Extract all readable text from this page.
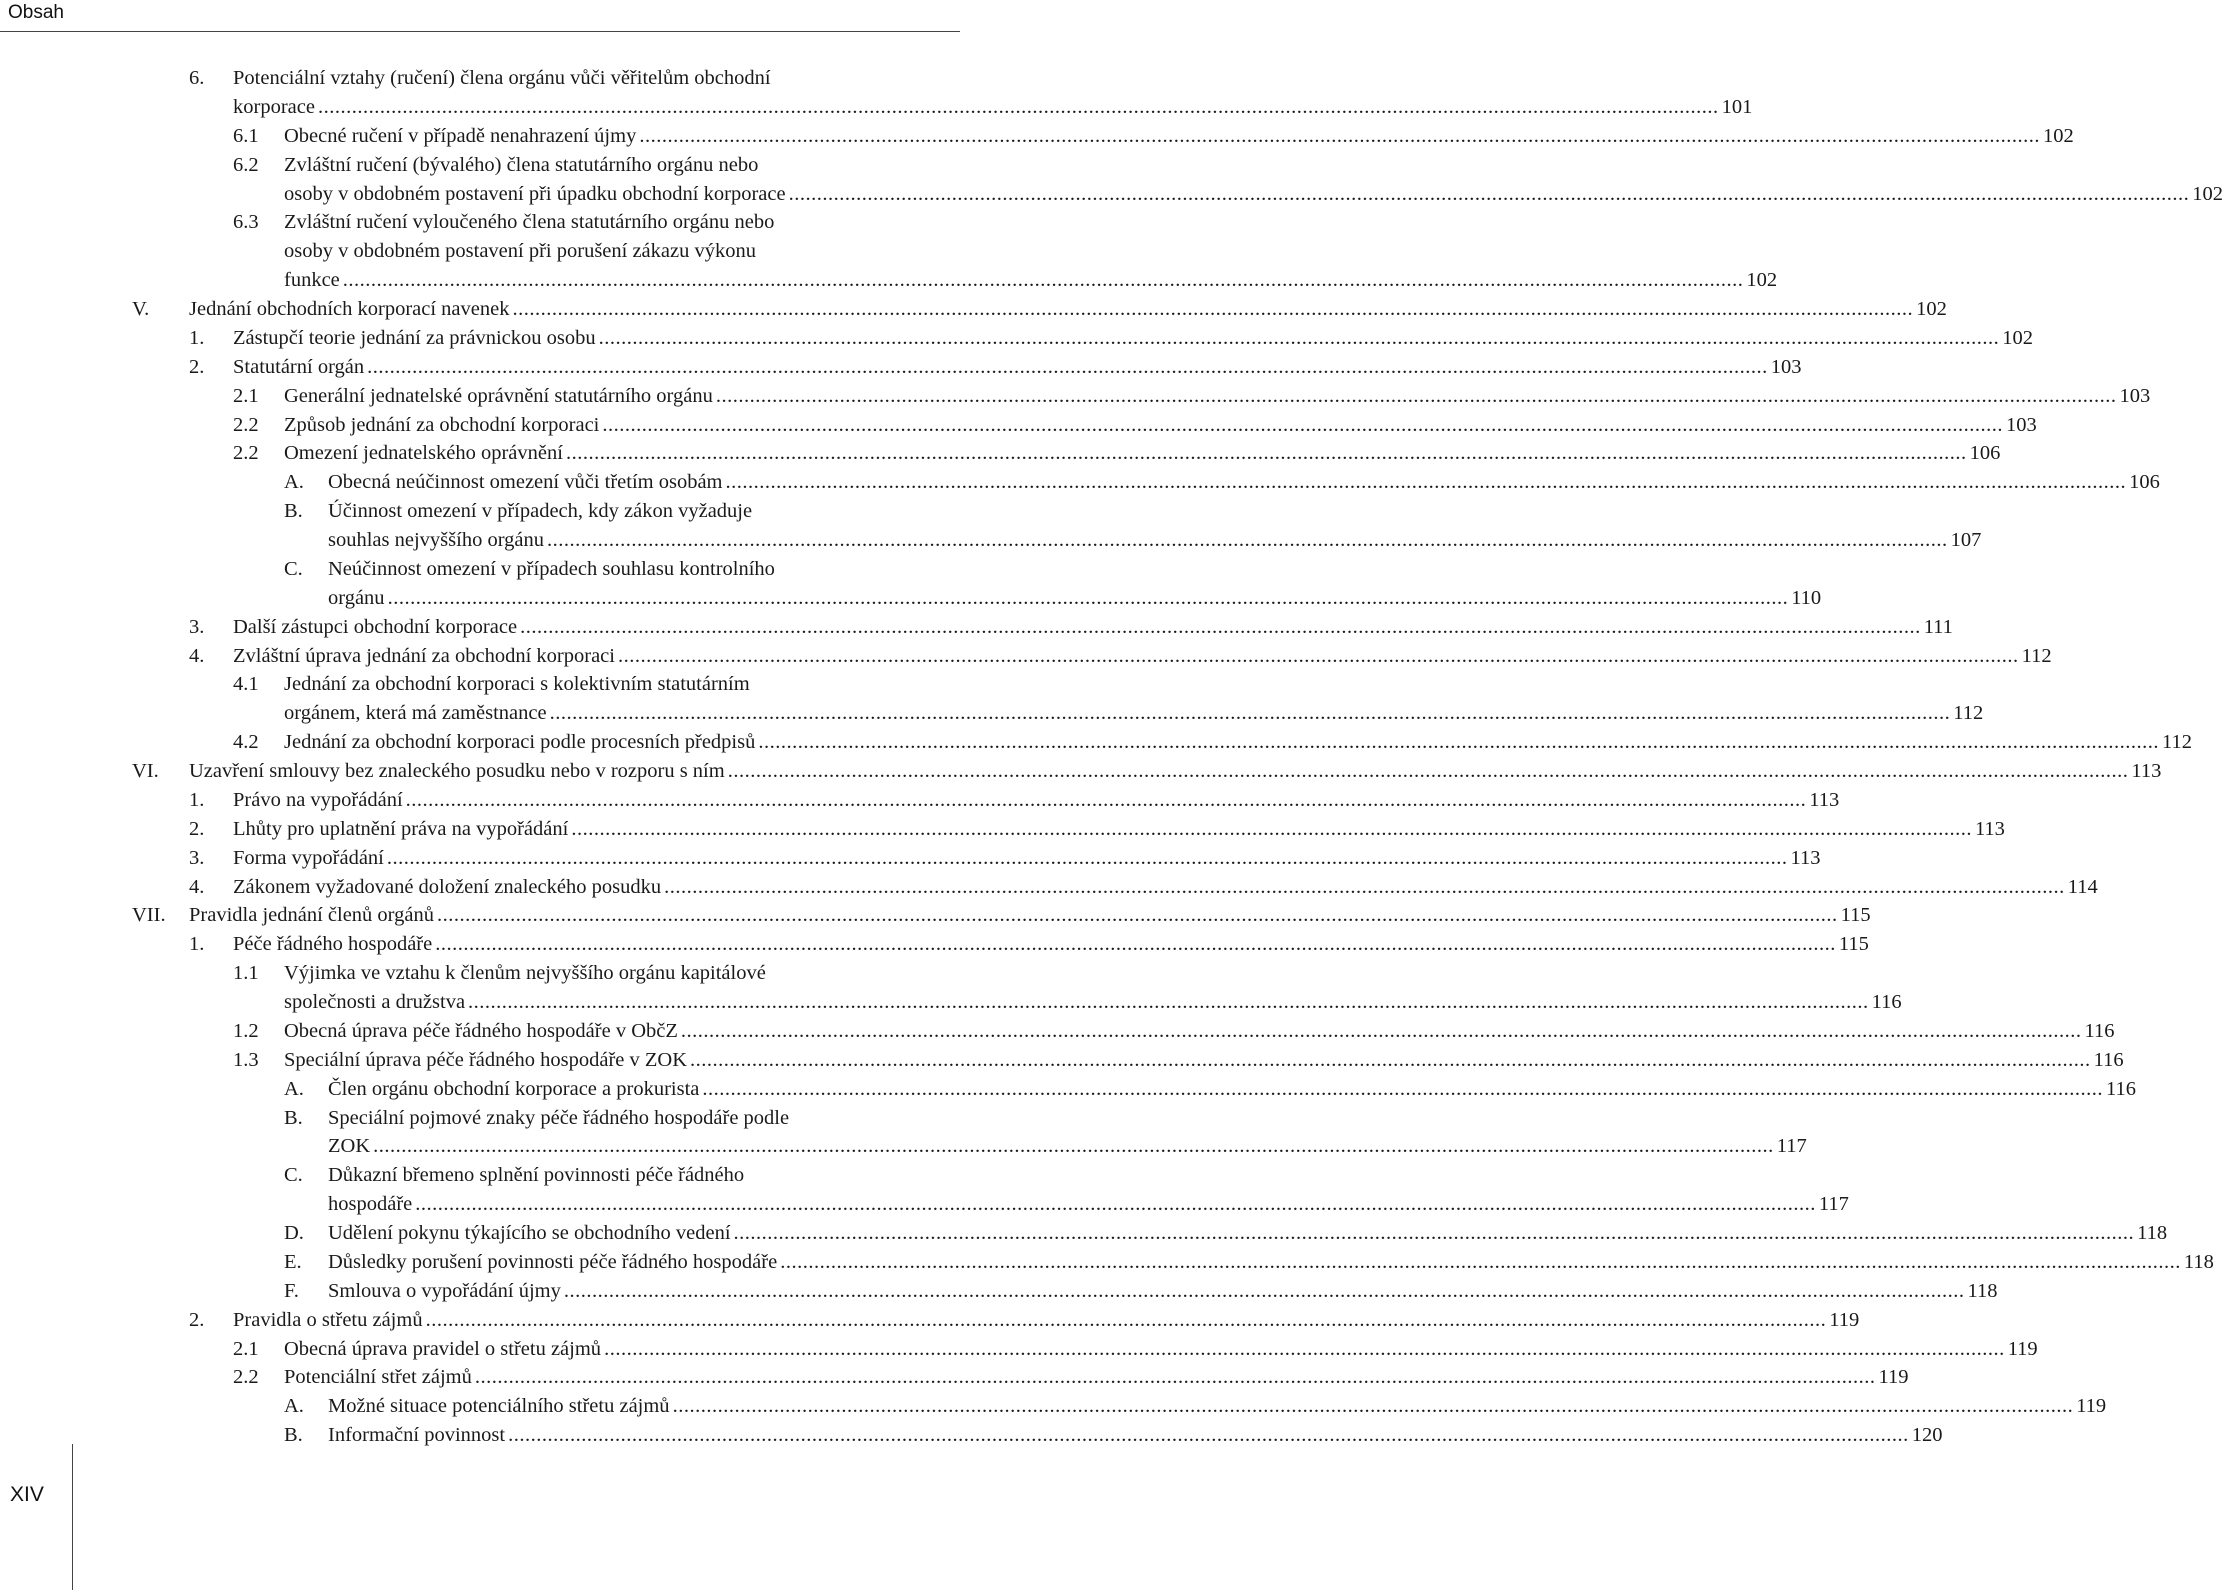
Obsah
6. Potenciální vztahy (ručení) člena orgánu vůči věřitelům obchodní
korporace .....	101
6.1 Obecné ručení v případě nenahrazení újmy .....	102
6.2 Zvláštní ručení (bývalého) člena statutárního orgánu nebo
osoby v obdobném postavení při úpadku obchodní korporace .....	102
6.3 Zvláštní ručení vyloučeného člena statutárního orgánu nebo
osoby v obdobném postavení při porušení zákazu výkonu
funkce .....	102
V. Jednání obchodních korporací navenek .....	102
1. Zástupčí teorie jednání za právnickou osobu .....	102
2. Statutární orgán .....	103
2.1 Generální jednatelské oprávnění statutárního orgánu .....	103
2.2 Způsob jednání za obchodní korporaci .....	103
2.2 Omezení jednatelského oprávnění .....	106
A. Obecná neúčinnost omezení vůči třetím osobám .....	106
B. Účinnost omezení v případech, kdy zákon vyžaduje
souhlas nejvyššího orgánu .....	107
C. Neúčinnost omezení v případech souhlasu kontrolního
orgánu .....	110
3. Další zástupci obchodní korporace .....	111
4. Zvláštní úprava jednání za obchodní korporaci .....	112
4.1 Jednání za obchodní korporaci s kolektivním statutárním
orgánem, která má zaměstnance .....	112
4.2 Jednání za obchodní korporaci podle procesních předpisů .....	112
VI. Uzavření smlouvy bez znaleckého posudku nebo v rozporu s ním .....	113
1. Právo na vypořádání .....	113
2. Lhůty pro uplatnění práva na vypořádání .....	113
3. Forma vypořádání .....	113
4. Zákonem vyžadované doložení znaleckého posudku .....	114
VII. Pravidla jednání členů orgánů .....	115
1. Péče řádného hospodáře .....	115
1.1 Výjimka ve vztahu k členům nejvyššího orgánu kapitálové
společnosti a družstva .....	116
1.2 Obecná úprava péče řádného hospodáře v ObčZ .....	116
1.3 Speciální úprava péče řádného hospodáře v ZOK .....	116
A. Člen orgánu obchodní korporace a prokurista .....	116
B. Speciální pojmové znaky péče řádného hospodáře podle
ZOK .....	117
C. Důkazní břemeno splnění povinnosti péče řádného
hospodáře .....	117
D. Udělení pokynu týkajícího se obchodního vedení .....	118
E. Důsledky porušení povinnosti péče řádného hospodáře .....	118
F. Smlouva o vypořádání újmy .....	118
2. Pravidla o střetu zájmů .....	119
2.1 Obecná úprava pravidel o střetu zájmů .....	119
2.2 Potenciální střet zájmů .....	119
A. Možné situace potenciálního střetu zájmů .....	119
B. Informační povinnost .....	120
XIV
